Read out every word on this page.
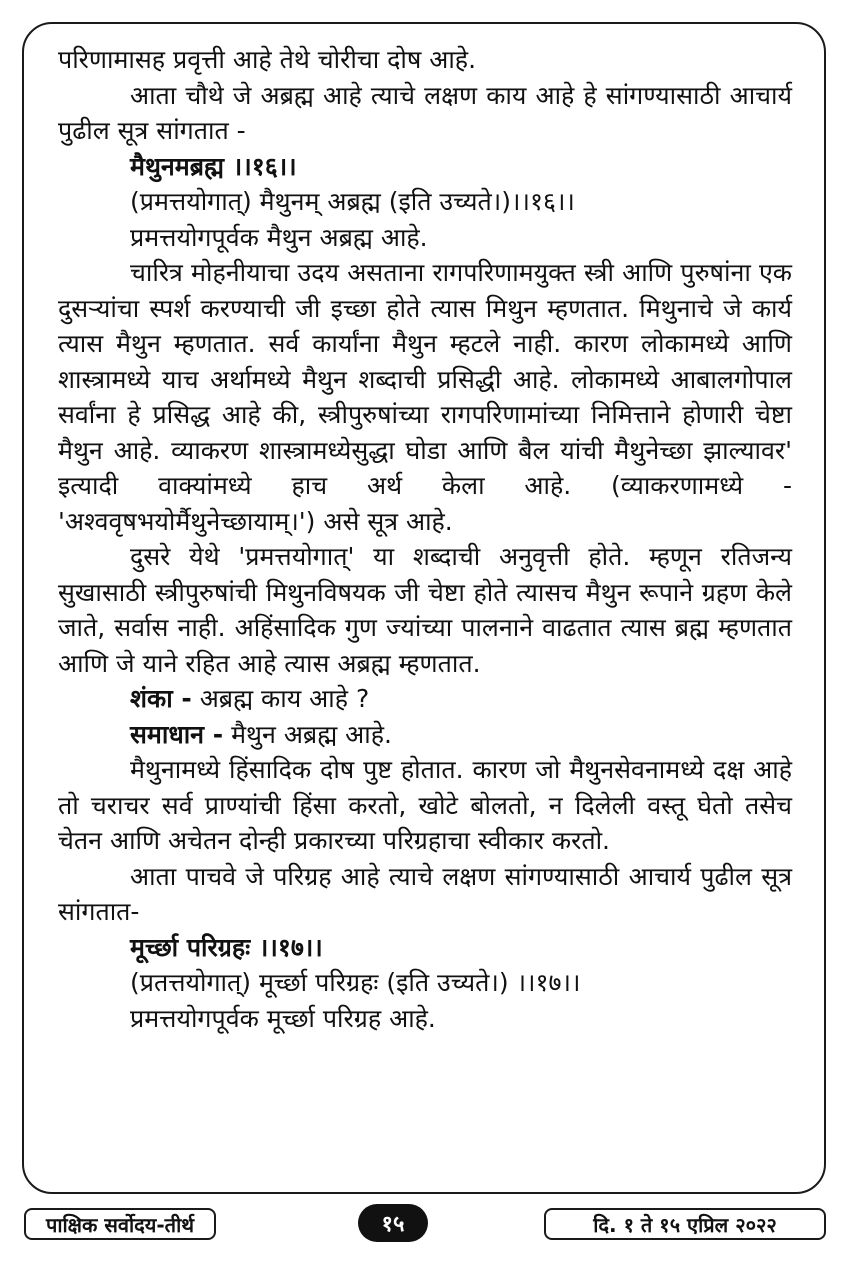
परिणामासह प्रवृत्ती आहे तेथे चोरीचा दोष आहे.

आता चौथे जे अब्रह्म आहे त्याचे लक्षण काय आहे हे सांगण्यासाठी आचार्य पुढील सूत्र सांगतात -

मैथुनमब्रह्म ।।१६।।

(प्रमत्तयोगात्) मैथुनम् अब्रह्म (इति उच्यते।)।।१६।।

प्रमत्तयोगपूर्वक मैथुन अब्रह्म आहे.

चारित्र मोहनीयाचा उदय असताना रागपरिणामयुक्त स्त्री आणि पुरुषांना एक दुसऱ्यांचा स्पर्श करण्याची जी इच्छा होते त्यास मिथुन म्हणतात. मिथुनाचे जे कार्य त्यास मैथुन म्हणतात. सर्व कार्यांना मैथुन म्हटले नाही. कारण लोकामध्ये आणि शास्त्रामध्ये याच अर्थामध्ये मैथुन शब्दाची प्रसिद्धी आहे. लोकामध्ये आबालगोपाल सर्वांना हे प्रसिद्ध आहे की, स्त्रीपुरुषांच्या रागपरिणामांच्या निमित्ताने होणारी चेष्टा मैथुन आहे. व्याकरण शास्त्रामध्येसुद्धा घोडा आणि बैल यांची मैथुनेच्छा झाल्यावर' इत्यादी वाक्यांमध्ये हाच अर्थ केला आहे. (व्याकरणामध्ये - 'अश्ववृषभयोर्मैथुनेच्छायाम्।') असे सूत्र आहे.

दुसरे येथे 'प्रमत्तयोगात्' या शब्दाची अनुवृत्ती होते. म्हणून रतिजन्य सुखासाठी स्त्रीपुरुषांची मिथुनविषयक जी चेष्टा होते त्यासच मैथुन रूपाने ग्रहण केले जाते, सर्वास नाही. अहिंसादिक गुण ज्यांच्या पालनाने वाढतात त्यास ब्रह्म म्हणतात आणि जे याने रहित आहे त्यास अब्रह्म म्हणतात.

शंका - अब्रह्म काय आहे ?

समाधान - मैथुन अब्रह्म आहे.

मैथुनामध्ये हिंसादिक दोष पुष्ट होतात. कारण जो मैथुनसेवनामध्ये दक्ष आहे तो चराचर सर्व प्राण्यांची हिंसा करतो, खोटे बोलतो, न दिलेली वस्तू घेतो तसेच चेतन आणि अचेतन दोन्ही प्रकारच्या परिग्रहाचा स्वीकार करतो.

आता पाचवे जे परिग्रह आहे त्याचे लक्षण सांगण्यासाठी आचार्य पुढील सूत्र सांगतात-

मूर्च्छा परिग्रहः ।।१७।।

(प्रतत्तयोगात्) मूर्च्छा परिग्रहः (इति उच्यते।) ।।१७।।

प्रमत्तयोगपूर्वक मूर्च्छा परिग्रह आहे.

पाक्षिक सर्वोदय-तीर्थ	१५	दि. १ ते १५ एप्रिल २०२२
